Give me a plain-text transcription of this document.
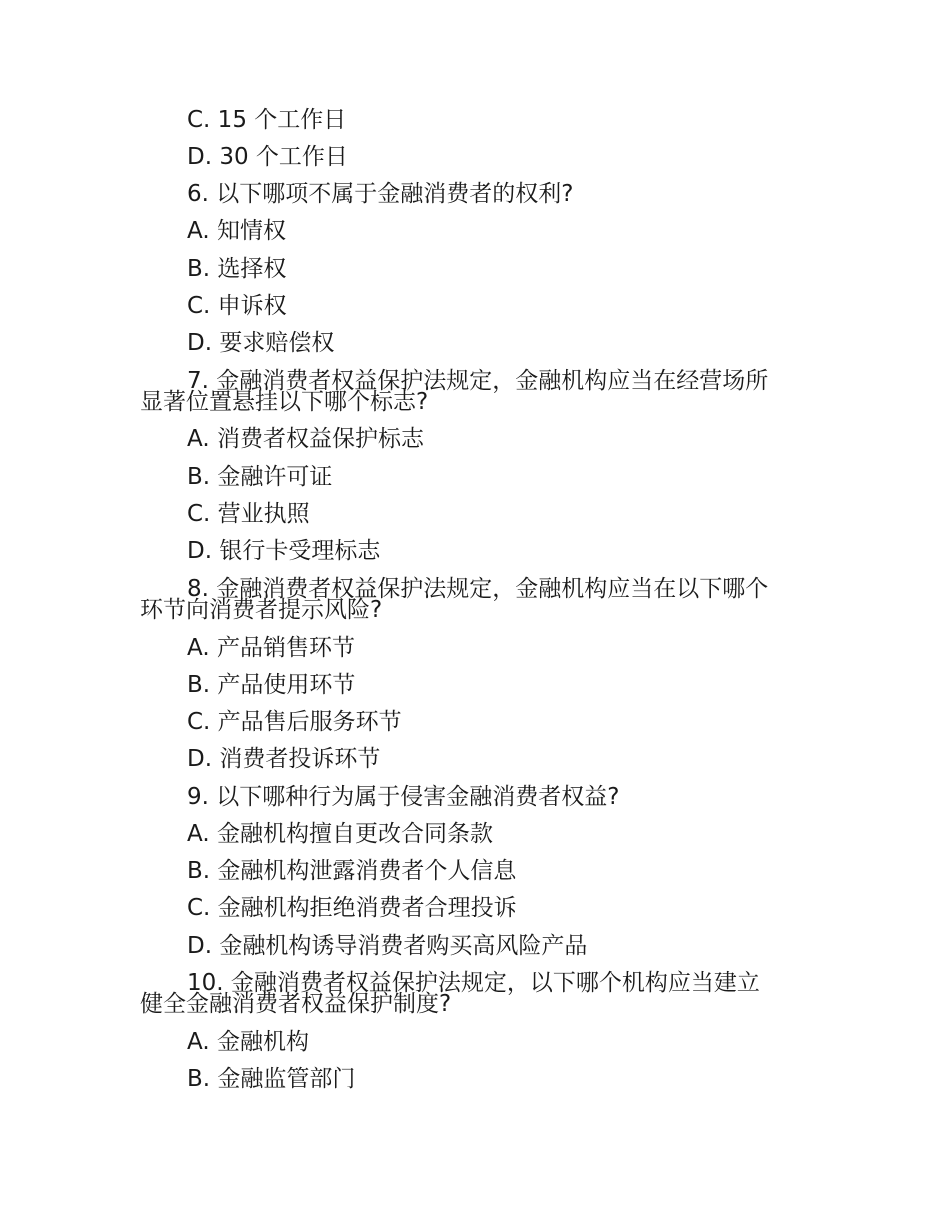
C. 15 个工作日
D. 30 个工作日
6. 以下哪项不属于金融消费者的权利?
A. 知情权
B. 选择权
C. 申诉权
D. 要求赔偿权
7. 金融消费者权益保护法规定，金融机构应当在经营场所
显著位置悬挂以下哪个标志?
A. 消费者权益保护标志
B. 金融许可证
C. 营业执照
D. 银行卡受理标志
8. 金融消费者权益保护法规定，金融机构应当在以下哪个
环节向消费者提示风险?
A. 产品销售环节
B. 产品使用环节
C. 产品售后服务环节
D. 消费者投诉环节
9. 以下哪种行为属于侵害金融消费者权益?
A. 金融机构擅自更改合同条款
B. 金融机构泄露消费者个人信息
C. 金融机构拒绝消费者合理投诉
D. 金融机构诱导消费者购买高风险产品
10. 金融消费者权益保护法规定，以下哪个机构应当建立
健全金融消费者权益保护制度?
A. 金融机构
B. 金融监管部门
